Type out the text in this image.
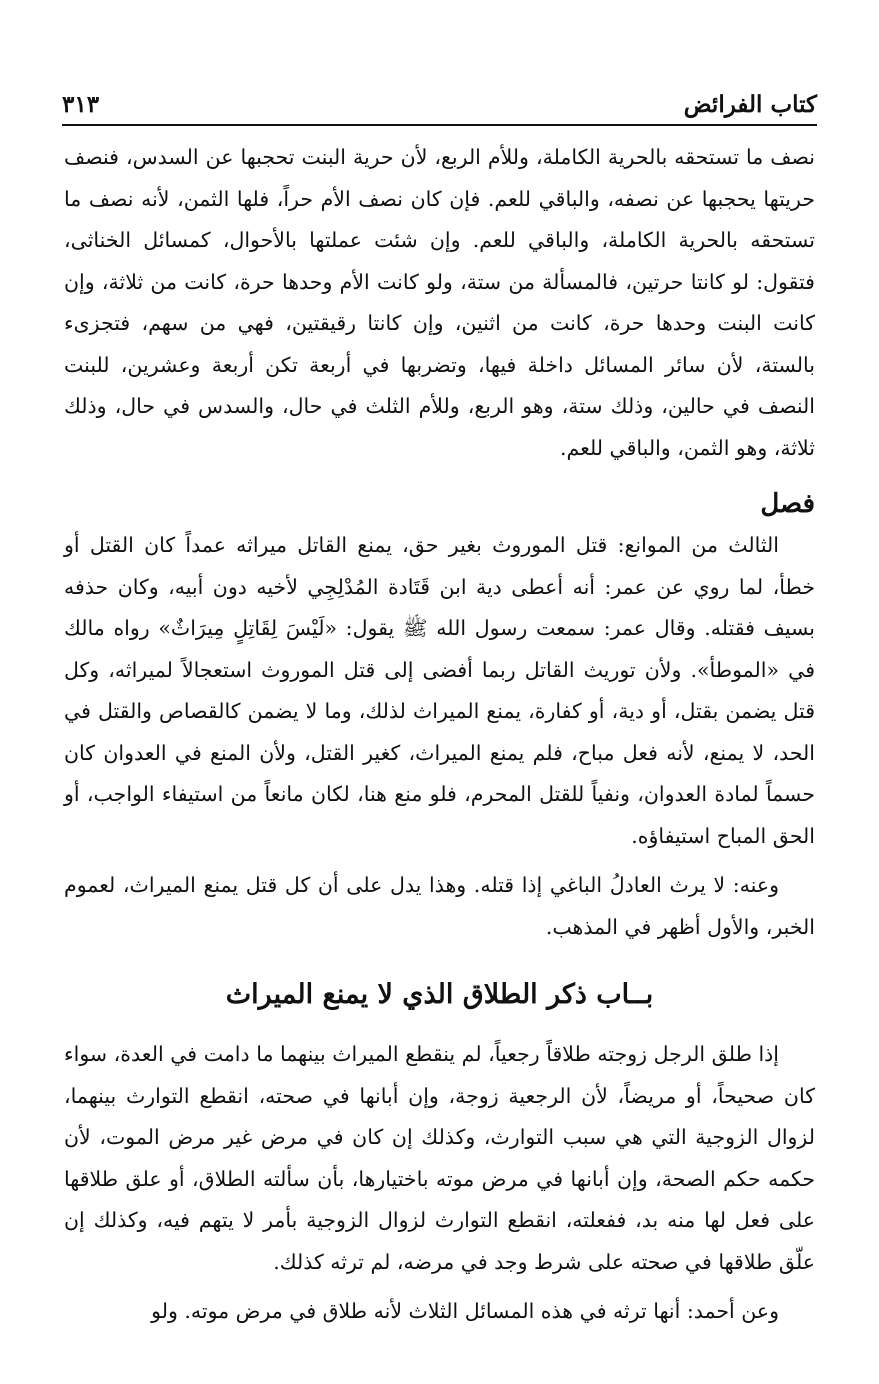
كتاب الفرائض
٣١٣

نصف ما تستحقه بالحرية الكاملة، وللأم الربع، لأن حرية البنت تحجبها عن السدس، فنصف حريتها يحجبها عن نصفه، والباقي للعم. فإن كان نصف الأم حراً، فلها الثمن، لأنه نصف ما تستحقه بالحرية الكاملة، والباقي للعم. وإن شئت عملتها بالأحوال، كمسائل الخناثى، فتقول: لو كانتا حرتين، فالمسألة من ستة، ولو كانت الأم وحدها حرة، كانت من ثلاثة، وإن كانت البنت وحدها حرة، كانت من اثنين، وإن كانتا رقيقتين، فهي من سهم، فتجزىء بالستة، لأن سائر المسائل داخلة فيها، وتضربها في أربعة تكن أربعة وعشرين، للبنت النصف في حالين، وذلك ستة، وهو الربع، وللأم الثلث في حال، والسدس في حال، وذلك ثلاثة، وهو الثمن، والباقي للعم.

فصل

الثالث من الموانع: قتل الموروث بغير حق، يمنع القاتل ميراثه عمداً كان القتل أو خطأ، لما روي عن عمر: أنه أعطى دية ابن قَتَادة المُدْلِجِي لأخيه دون أبيه، وكان حذفه بسيف فقتله. وقال عمر: سمعت رسول الله ﷺ يقول: «لَيْسَ لِقَاتِلٍ مِيرَاثٌ» رواه مالك في «الموطأ». ولأن توريث القاتل ربما أفضى إلى قتل الموروث استعجالاً لميراثه، وكل قتل يضمن بقتل، أو دية، أو كفارة، يمنع الميراث لذلك، وما لا يضمن كالقصاص والقتل في الحد، لا يمنع، لأنه فعل مباح، فلم يمنع الميراث، كغير القتل، ولأن المنع في العدوان كان حسماً لمادة العدوان، ونفياً للقتل المحرم، فلو منع هنا، لكان مانعاً من استيفاء الواجب، أو الحق المباح استيفاؤه.

وعنه: لا يرث العادلُ الباغي إذا قتله. وهذا يدل على أن كل قتل يمنع الميراث، لعموم الخبر، والأول أظهر في المذهب.

بــاب ذكر الطلاق الذي لا يمنع الميراث

إذا طلق الرجل زوجته طلاقاً رجعياً، لم ينقطع الميراث بينهما ما دامت في العدة، سواء كان صحيحاً، أو مريضاً، لأن الرجعية زوجة، وإن أبانها في صحته، انقطع التوارث بينهما، لزوال الزوجية التي هي سبب التوارث، وكذلك إن كان في مرض غير مرض الموت، لأن حكمه حكم الصحة، وإن أبانها في مرض موته باختيارها، بأن سألته الطلاق، أو علق طلاقها على فعل لها منه بد، ففعلته، انقطع التوارث لزوال الزوجية بأمر لا يتهم فيه، وكذلك إن علّق طلاقها في صحته على شرط وجد في مرضه، لم ترثه كذلك.

وعن أحمد: أنها ترثه في هذه المسائل الثلاث لأنه طلاق في مرض موته. ولو
